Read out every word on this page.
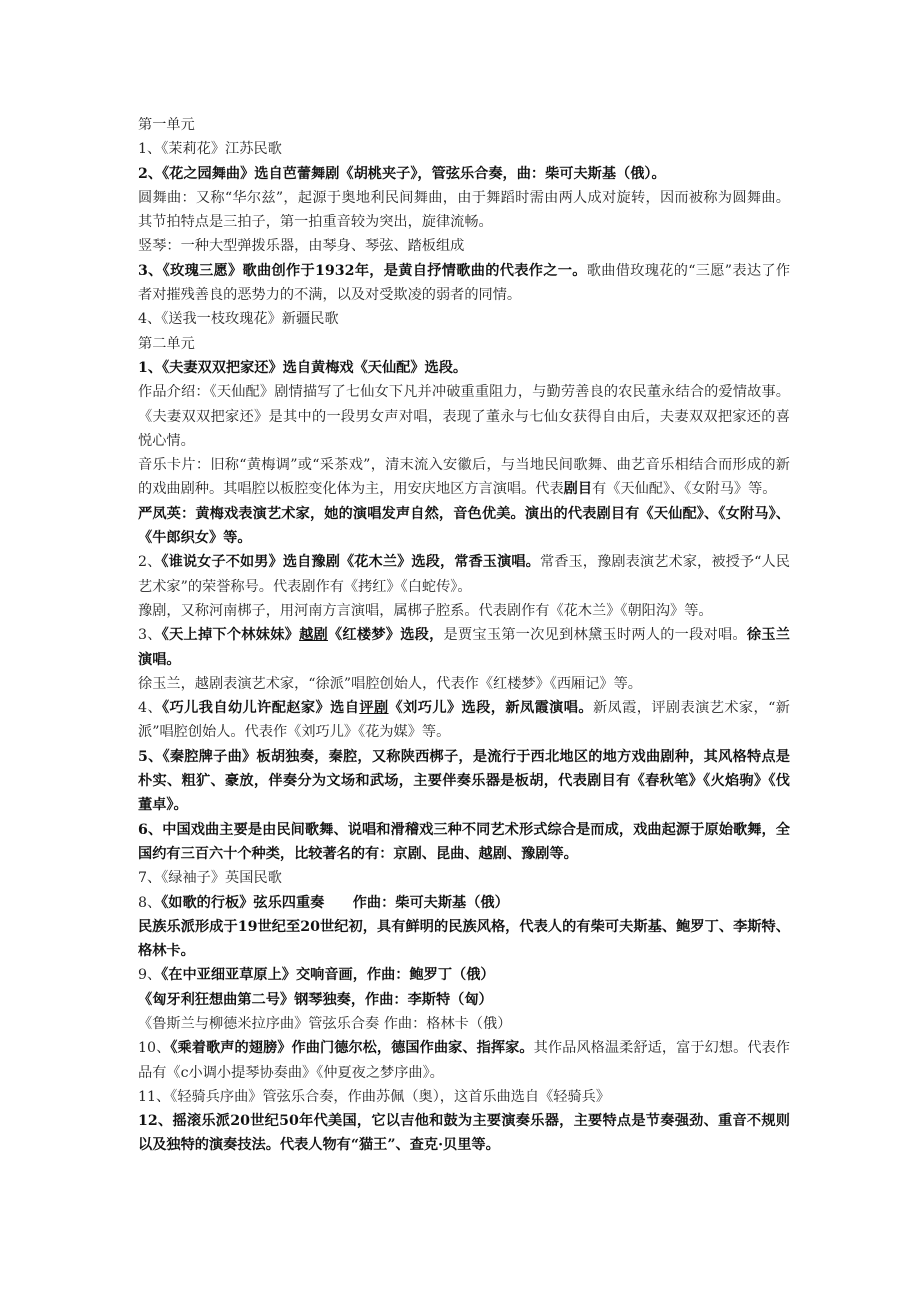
第一单元

1、《茉莉花》江苏民歌

2、《花之园舞曲》选自芭蕾舞剧《胡桃夹子》，管弦乐合奏，曲：柴可夫斯基（俄）。

圆舞曲：又称“华尔兹”，起源于奥地利民间舞曲，由于舞蹈时需由两人成对旋转，因而被称为圆舞曲。其节拍特点是三拍子，第一拍重音较为突出，旋律流畅。

竖琴：一种大型弹拨乐器，由琴身、琴弦、踏板组成

3、《玫瑰三愿》歌曲创作于1932年，是黄自抒情歌曲的代表作之一。歌曲借玫瑰花的“三愿”表达了作者对摧残善良的恶势力的不满，以及对受欺凌的弱者的同情。

4、《送我一枝玫瑰花》新疆民歌

第二单元

1、《夫妻双双把家还》选自黄梅戏《天仙配》选段。

作品介绍：《天仙配》剧情描写了七仙女下凡并冲破重重阻力，与勤劳善良的农民董永结合的爱情故事。《夫妻双双把家还》是其中的一段男女声对唱，表现了董永与七仙女获得自由后，夫妻双双把家还的喜悦心情。

音乐卡片：旧称“黄梅调”或“采茶戏”，清末流入安徽后，与当地民间歌舞、曲艺音乐相结合而形成的新的戏曲剧种。其唱腔以板腔变化体为主，用安庆地区方言演唱。代表剧目有《天仙配》、《女附马》等。

严凤英：黄梅戏表演艺术家，她的演唱发声自然，音色优美。演出的代表剧目有《天仙配》、《女附马》、《牛郎织女》等。

2、《谁说女子不如男》选自豫剧《花木兰》选段，常香玉演唱。常香玉，豫剧表演艺术家，被授予“人民艺术家”的荣誉称号。代表剧作有《拷红》《白蛇传》。

豫剧，又称河南梆子，用河南方言演唱，属梆子腔系。代表剧作有《花木兰》《朝阳沟》等。

3、《天上掉下个林妹妹》越剧《红楼梦》选段，是贾宝玉第一次见到林黛玉时两人的一段对唱。徐玉兰演唱。

徐玉兰，越剧表演艺术家，“徐派”唱腔创始人，代表作《红楼梦》《西厢记》等。

4、《巧儿我自幼儿许配赵家》选自评剧《刘巧儿》选段，新凤霞演唱。新凤霞，评剧表演艺术家，“新派”唱腔创始人。代表作《刘巧儿》《花为媒》等。

5、《秦腔牌子曲》板胡独奏，秦腔，又称陕西梆子，是流行于西北地区的地方戏曲剧种，其风格特点是朴实、粗犷、豪放，伴奏分为文场和武场，主要伴奏乐器是板胡，代表剧目有《春秋笔》《火焰驹》《伐董卓》。

6、中国戏曲主要是由民间歌舞、说唱和滑稽戏三种不同艺术形式综合是而成，戏曲起源于原始歌舞，全国约有三百六十个种类，比较著名的有：京剧、昆曲、越剧、豫剧等。

7、《绿袖子》英国民歌

8、《如歌的行板》弦乐四重奏　　作曲：柴可夫斯基（俄）

民族乐派形成于19世纪至20世纪初，具有鲜明的民族风格，代表人的有柴可夫斯基、鲍罗丁、李斯特、格林卡。

9、《在中亚细亚草原上》交响音画，作曲：鲍罗丁（俄）

《匈牙利狂想曲第二号》钢琴独奏，作曲：李斯特（匈）

《鲁斯兰与柳德米拉序曲》管弦乐合奏 作曲：格林卡（俄）

10、《乘着歌声的翅膀》作曲门德尔松，德国作曲家、指挥家。其作品风格温柔舒适，富于幻想。代表作品有《c小调小提琴协奏曲》《仲夏夜之梦序曲》。

11、《轻骑兵序曲》管弦乐合奏，作曲苏佩（奥），这首乐曲选自《轻骑兵》

12、摇滚乐派20世纪50年代美国，它以吉他和鼓为主要演奏乐器，主要特点是节奏强劲、重音不规则以及独特的演奏技法。代表人物有“猫王”、查克·贝里等。
